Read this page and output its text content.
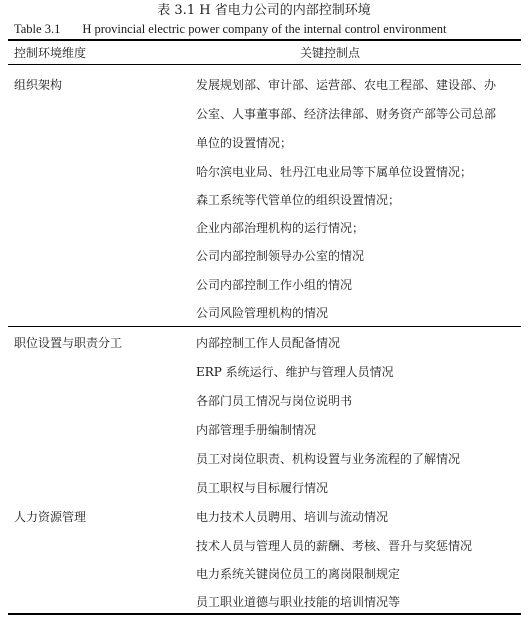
表 3.1 H 省电力公司的内部控制环境
Table 3.1 H provincial electric power company of the internal control environment
控制环境维度	关键控制点
组织架构	发展规划部、审计部、运营部、农电工程部、建设部、办
公室、人事董事部、经济法律部、财务资产部等公司总部
单位的设置情况；
哈尔滨电业局、牡丹江电业局等下属单位设置情况；
森工系统等代管单位的组织设置情况；
企业内部治理机构的运行情况；
公司内部控制领导办公室的情况
公司内部控制工作小组的情况
公司风险管理机构的情况
职位设置与职责分工	内部控制工作人员配备情况
ERP 系统运行、维护与管理人员情况
各部门员工情况与岗位说明书
内部管理手册编制情况
员工对岗位职责、机构设置与业务流程的了解情况
员工职权与目标履行情况
人力资源管理	电力技术人员聘用、培训与流动情况
技术人员与管理人员的薪酬、考核、晋升与奖惩情况
电力系统关键岗位员工的离岗限制规定
员工职业道德与职业技能的培训情况等
